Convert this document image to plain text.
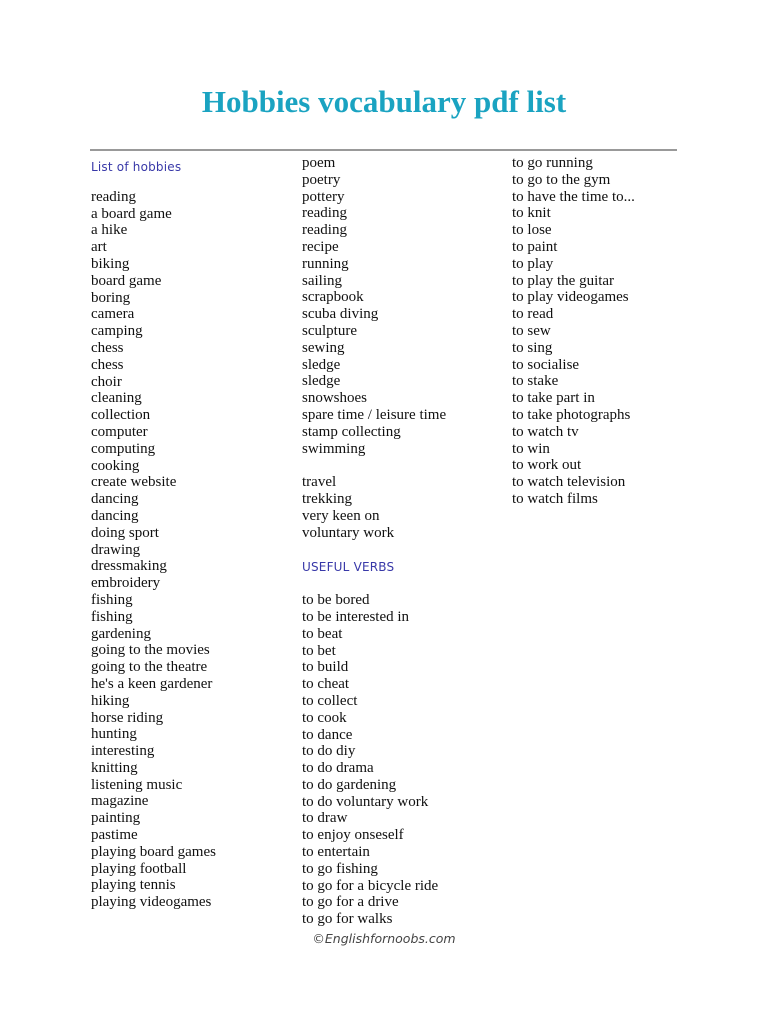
Hobbies vocabulary pdf list
List of hobbies
reading
a board game
a hike
art
biking
board game
boring
camera
camping
chess
chess
choir
cleaning
collection
computer
computing
cooking
create website
dancing
dancing
doing sport
drawing
dressmaking
embroidery
fishing
fishing
gardening
going to the movies
going to the theatre
he's a keen gardener
hiking
horse riding
hunting
interesting
knitting
listening music
magazine
painting
pastime
playing board games
playing football
playing tennis
playing videogames
poem
poetry
pottery
reading
reading
recipe
running
sailing
scrapbook
scuba diving
sculpture
sewing
sledge
sledge
snowshoes
spare time / leisure time
stamp collecting
swimming
travel
trekking
very keen on
voluntary work
USEFUL VERBS
to be bored
to be interested in
to beat
to bet
to build
to cheat
to collect
to cook
to dance
to do diy
to do drama
to do gardening
to do voluntary work
to draw
to enjoy onseself
to entertain
to go fishing
to go for a bicycle ride
to go for a drive
to go for walks
to go running
to go to the gym
to have the time to...
to knit
to lose
to paint
to play
to play the guitar
to play videogames
to read
to sew
to sing
to socialise
to stake
to take part in
to take photographs
to watch tv
to win
to work out
to watch television
to watch films
©Englishfornoobs.com
